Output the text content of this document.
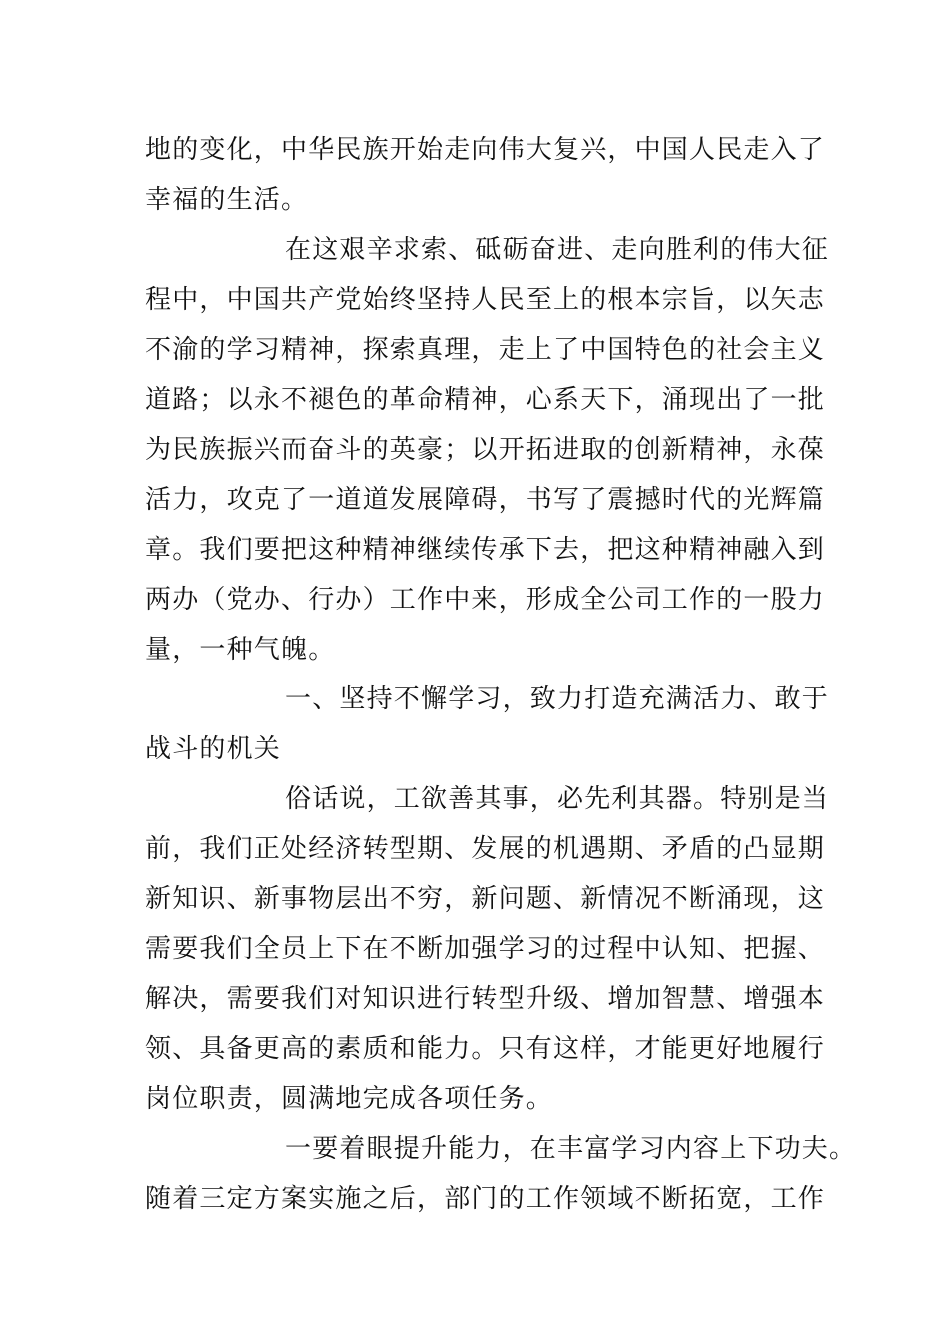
地的变化，中华民族开始走向伟大复兴，中国人民走入了
幸福的生活。
在这艰辛求索、砥砺奋进、走向胜利的伟大征
程中，中国共产党始终坚持人民至上的根本宗旨，以矢志
不渝的学习精神，探索真理，走上了中国特色的社会主义
道路；以永不褪色的革命精神，心系天下，涌现出了一批
为民族振兴而奋斗的英豪；以开拓进取的创新精神，永葆
活力，攻克了一道道发展障碍，书写了震撼时代的光辉篇
章。我们要把这种精神继续传承下去，把这种精神融入到
两办（党办、行办）工作中来，形成全公司工作的一股力
量，一种气魄。
一、坚持不懈学习，致力打造充满活力、敢于
战斗的机关
俗话说，工欲善其事，必先利其器。特别是当
前，我们正处经济转型期、发展的机遇期、矛盾的凸显期
新知识、新事物层出不穷，新问题、新情况不断涌现，这
需要我们全员上下在不断加强学习的过程中认知、把握、
解决，需要我们对知识进行转型升级、增加智慧、增强本
领、具备更高的素质和能力。只有这样，才能更好地履行
岗位职责，圆满地完成各项任务。
一要着眼提升能力，在丰富学习内容上下功夫。
随着三定方案实施之后，部门的工作领域不断拓宽，工作
